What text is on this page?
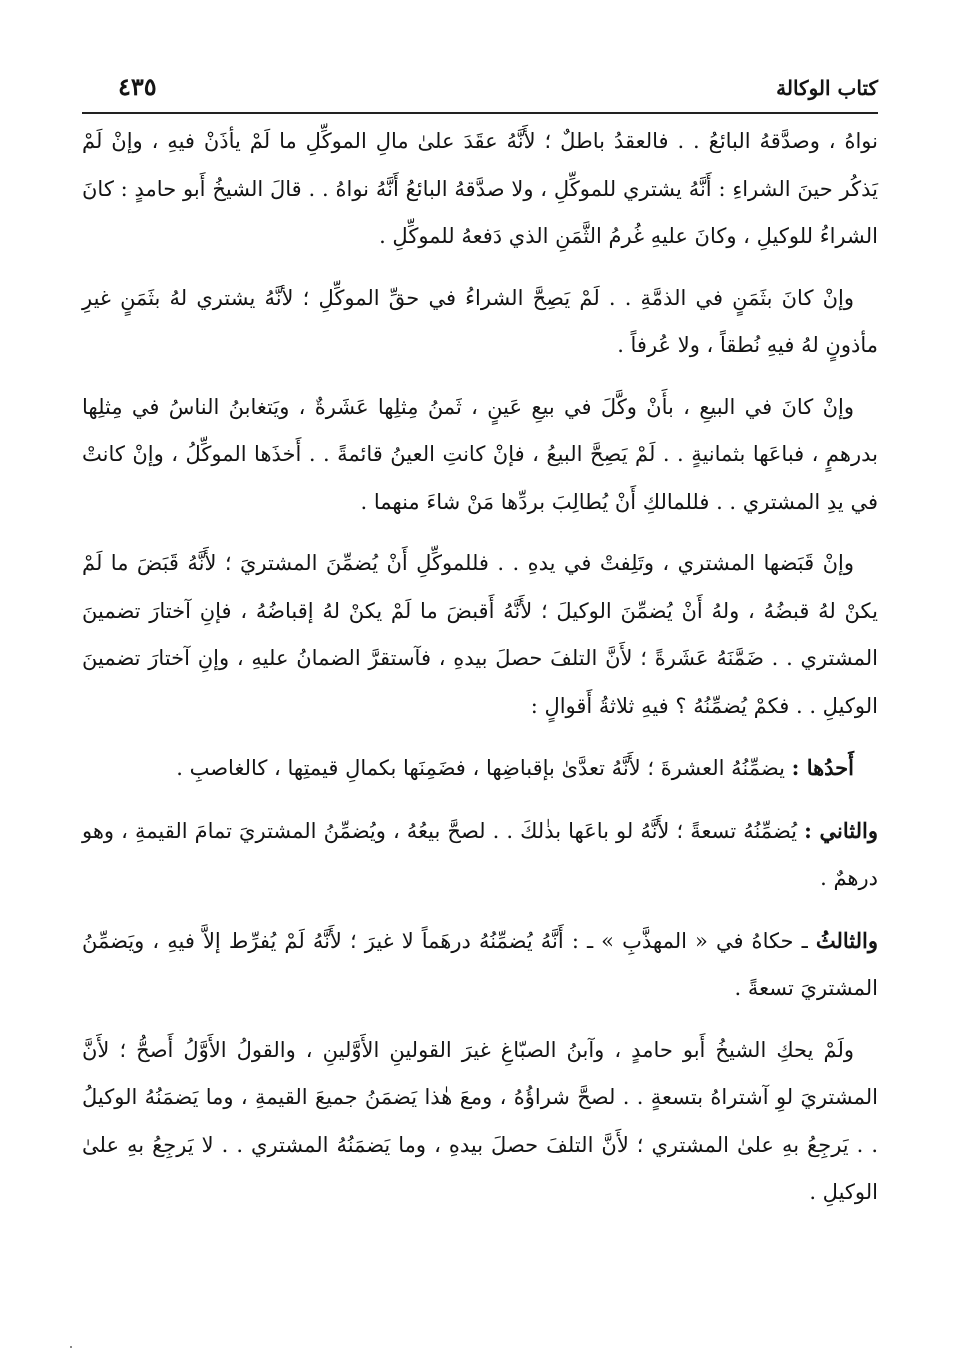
كتاب الوكالة
٤٣٥

نواهُ ، وصدَّقهُ البائعُ . . فالعقدُ باطلٌ ؛ لأَنَّهُ عقَدَ علىٰ مالِ الموكِّلِ ما لَمْ يأذَنْ فيهِ ، وإنْ لَمْ يَذكُر حينَ الشراءِ : أَنَّهُ يشتري للموكِّلِ ، ولا صدَّقهُ البائعُ أَنَّهُ نواهُ . . قالَ الشيخُ أَبو حامدٍ : كانَ الشراءُ للوكيلِ ، وكانَ عليهِ غُرمُ الثَّمَنِ الذي دَفعهُ للموكِّلِ .

وإنْ كانَ بثَمَنٍ في الذمَّةِ . . لَمْ يَصِحَّ الشراءُ في حقِّ الموكِّلِ ؛ لأنَّهُ يشتري لهُ بثَمَنٍ غيرِ مأذونٍ لهُ فيهِ نُطقاً ، ولا عُرفاً .

وإنْ كانَ في البيعِ ، بأَنْ وكَّلَ في بيعِ عَينٍ ، ثَمنُ مِثلِها عَشَرةٌ ، ويَتغابنُ الناسُ في مِثلِها بدرهمٍ ، فباعَها بثمانيةٍ . . لَمْ يَصِحَّ البيعُ ، فإنْ كانتِ العينُ قائمةً . . أَخذَها الموكِّلُ ، وإنْ كانتْ في يدِ المشتري . . فللمالكِ أَنْ يُطالِبَ بردِّها مَنْ شاءَ منهما .

وإنْ قَبَضها المشتري ، وتَلِفتْ في يدهِ . . فللموكِّلِ أَنْ يُضمِّنَ المشتريَ ؛ لأَنَّهُ قَبَضَ ما لَمْ يكنْ لهُ قبضُهُ ، ولهُ أَنْ يُضمِّنَ الوكيلَ ؛ لأَنَّهُ أَقبضَ ما لَمْ يكنْ لهُ إقباضُهُ ، فإنِ آختارَ تضمينَ المشتري . . ضَمَّنَهُ عَشَرةً ؛ لأَنَّ التلفَ حصلَ بيدهِ ، فآستقرَّ الضمانُ عليهِ ، وإنِ آختارَ تضمينَ الوكيلِ . . فكمْ يُضمِّنُهُ ؟ فيهِ ثلاثةُ أَقوالٍ :

أَحدُها : يضمِّنُهُ العشرةَ ؛ لأَنَّهُ تعدَّىٰ بإقباضِها ، فضَمِنَها بكمالِ قيمتِها ، كالغاصبِ .

والثاني : يُضمِّنُهُ تسعةً ؛ لأَنَّهُ لو باعَها بذٰلكَ . . لصحَّ بيعُهُ ، ويُضمِّنُ المشتريَ تمامَ القيمةِ ، وهو درهمٌ .

والثالثُ ـ حكاهُ في « المهذَّبِ » ـ : أَنَّهُ يُضمِّنُهُ درهَماً لا غيرَ ؛ لأَنَّهُ لَمْ يُفرِّط إلاَّ فيهِ ، ويَضمِّنُ المشتريَ تسعةً .

ولَمْ يحكِ الشيخُ أَبو حامدٍ ، وآبنُ الصبّاغِ غيرَ القولينِ الأَوَّلينِ ، والقولُ الأَوَّلُ أَصحُّ ؛ لأَنَّ المشتريَ لوِ آشتراهُ بتسعةٍ . . لصحَّ شراؤُهُ ، ومعَ هٰذا يَضمَنُ جميعَ القيمةِ ، وما يَضمَنُهُ الوكيلُ . . يَرجِعُ بهِ علىٰ المشتري ؛ لأَنَّ التلفَ حصلَ بيدهِ ، وما يَضمَنُهُ المشتري . . لا يَرجِعُ بهِ علىٰ الوكيلِ .
